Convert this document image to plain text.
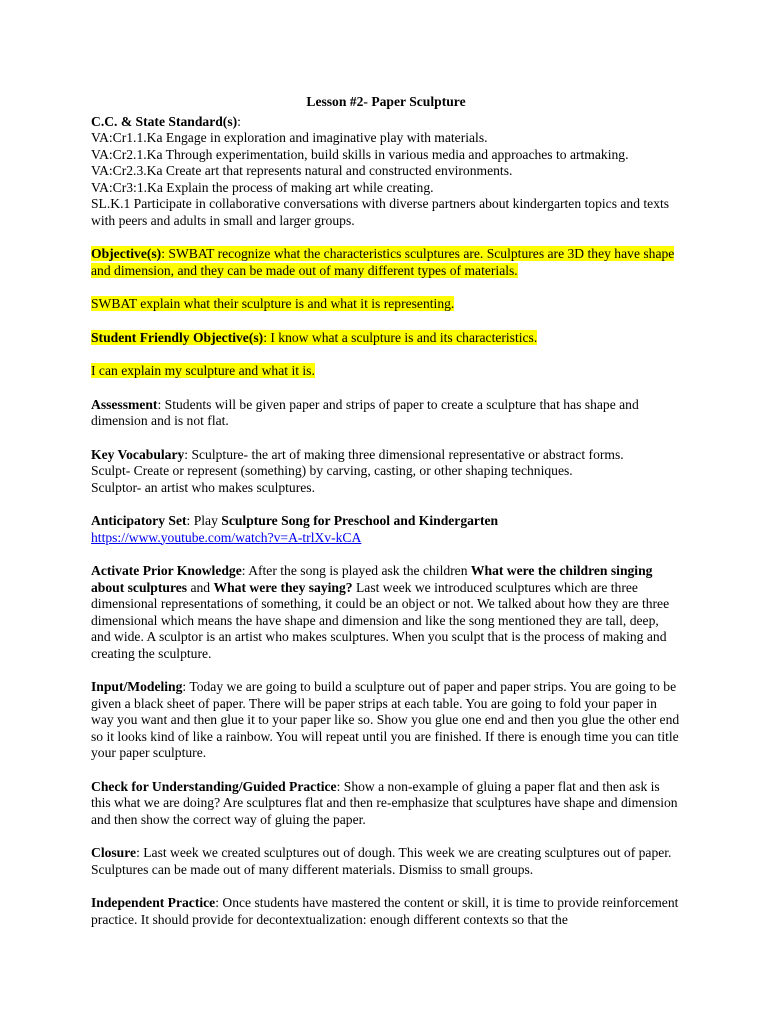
Lesson #2- Paper Sculpture

C.C. & State Standard(s):

VA:Cr1.1.Ka Engage in exploration and imaginative play with materials.

VA:Cr2.1.Ka Through experimentation, build skills in various media and approaches to artmaking.

VA:Cr2.3.Ka Create art that represents natural and constructed environments.

VA:Cr3:1.Ka Explain the process of making art while creating.

SL.K.1 Participate in collaborative conversations with diverse partners about kindergarten topics and texts with peers and adults in small and larger groups.

Objective(s): SWBAT recognize what the characteristics sculptures are. Sculptures are 3D they have shape and dimension, and they can be made out of many different types of materials.

SWBAT explain what their sculpture is and what it is representing.

Student Friendly Objective(s): I know what a sculpture is and its characteristics.

I can explain my sculpture and what it is.

Assessment: Students will be given paper and strips of paper to create a sculpture that has shape and dimension and is not flat.

Key Vocabulary: Sculpture- the art of making three dimensional representative or abstract forms.

Sculpt- Create or represent (something) by carving, casting, or other shaping techniques.

Sculptor- an artist who makes sculptures.

Anticipatory Set: Play Sculpture Song for Preschool and Kindergarten

https://www.youtube.com/watch?v=A-trlXv-kCA

Activate Prior Knowledge: After the song is played ask the children What were the children singing about sculptures and What were they saying? Last week we introduced sculptures which are three dimensional representations of something, it could be an object or not. We talked about how they are three dimensional which means the have shape and dimension and like the song mentioned they are tall, deep, and wide. A sculptor is an artist who makes sculptures. When you sculpt that is the process of making and creating the sculpture.

Input/Modeling: Today we are going to build a sculpture out of paper and paper strips. You are going to be given a black sheet of paper. There will be paper strips at each table. You are going to fold your paper in way you want and then glue it to your paper like so. Show you glue one end and then you glue the other end so it looks kind of like a rainbow. You will repeat until you are finished. If there is enough time you can title your paper sculpture.

Check for Understanding/Guided Practice: Show a non-example of gluing a paper flat and then ask is this what we are doing? Are sculptures flat and then re-emphasize that sculptures have shape and dimension and then show the correct way of gluing the paper.

Closure: Last week we created sculptures out of dough. This week we are creating sculptures out of paper. Sculptures can be made out of many different materials. Dismiss to small groups.

Independent Practice: Once students have mastered the content or skill, it is time to provide reinforcement practice. It should provide for decontextualization: enough different contexts so that the
